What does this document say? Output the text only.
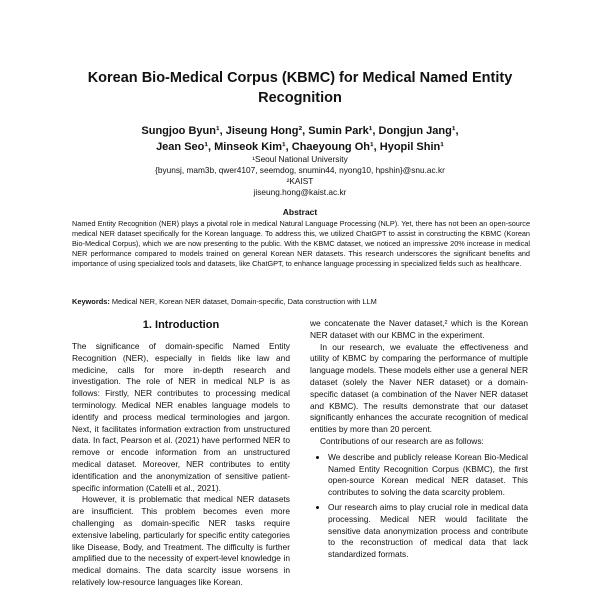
Korean Bio-Medical Corpus (KBMC) for Medical Named Entity Recognition
Sungjoo Byun¹, Jiseung Hong², Sumin Park¹, Dongjun Jang¹,
Jean Seo¹, Minseok Kim¹, Chaeyoung Oh¹, Hyopil Shin¹
¹Seoul National University
{byunsj, mam3b, qwer4107, seemdog, snumin44, nyong10, hpshin}@snu.ac.kr
²KAIST
jiseung.hong@kaist.ac.kr
Abstract
Named Entity Recognition (NER) plays a pivotal role in medical Natural Language Processing (NLP). Yet, there has not been an open-source medical NER dataset specifically for the Korean language. To address this, we utilized ChatGPT to assist in constructing the KBMC (Korean Bio-Medical Corpus), which we are now presenting to the public. With the KBMC dataset, we noticed an impressive 20% increase in medical NER performance compared to models trained on general Korean NER datasets. This research underscores the significant benefits and importance of using specialized tools and datasets, like ChatGPT, to enhance language processing in specialized fields such as healthcare.
Keywords: Medical NER, Korean NER dataset, Domain-specific, Data construction with LLM
1. Introduction

The significance of domain-specific Named Entity Recognition (NER), especially in fields like law and medicine, calls for more in-depth research and investigation. The role of NER in medical NLP is as follows: Firstly, NER contributes to processing medical terminology. Medical NER enables language models to identify and process medical terminologies and jargon. Next, it facilitates information extraction from unstructured data. In fact, Pearson et al. (2021) have performed NER to remove or encode information from an unstructured medical dataset. Moreover, NER contributes to entity identification and the anonymization of sensitive patient-specific information (Catelli et al., 2021).

However, it is problematic that medical NER datasets are insufficient. This problem becomes even more challenging as domain-specific NER tasks require extensive labeling, particularly for specific entity categories like Disease, Body, and Treatment. The difficulty is further amplified due to the necessity of expert-level knowledge in medical domains. The data scarcity issue worsens in relatively low-resource languages like Korean.

we concatenate the Naver dataset,² which is the Korean NER dataset with our KBMC in the experiment.

In our research, we evaluate the effectiveness and utility of KBMC by comparing the performance of multiple language models. These models either use a general NER dataset (solely the Naver NER dataset) or a domain-specific dataset (a combination of the Naver NER dataset and KBMC). The results demonstrate that our dataset significantly enhances the accurate recognition of medical entities by more than 20 percent.

Contributions of our research are as follows:

• We describe and publicly release Korean Bio-Medical Named Entity Recognition Corpus (KBMC), the first open-source Korean medical NER dataset. This contributes to solving the data scarcity problem.
• Our research aims to play crucial role in medical data processing. Medical NER would facilitate the sensitive data anonymization process and contribute to the reconstruction of medical data that lack standardized formats.
